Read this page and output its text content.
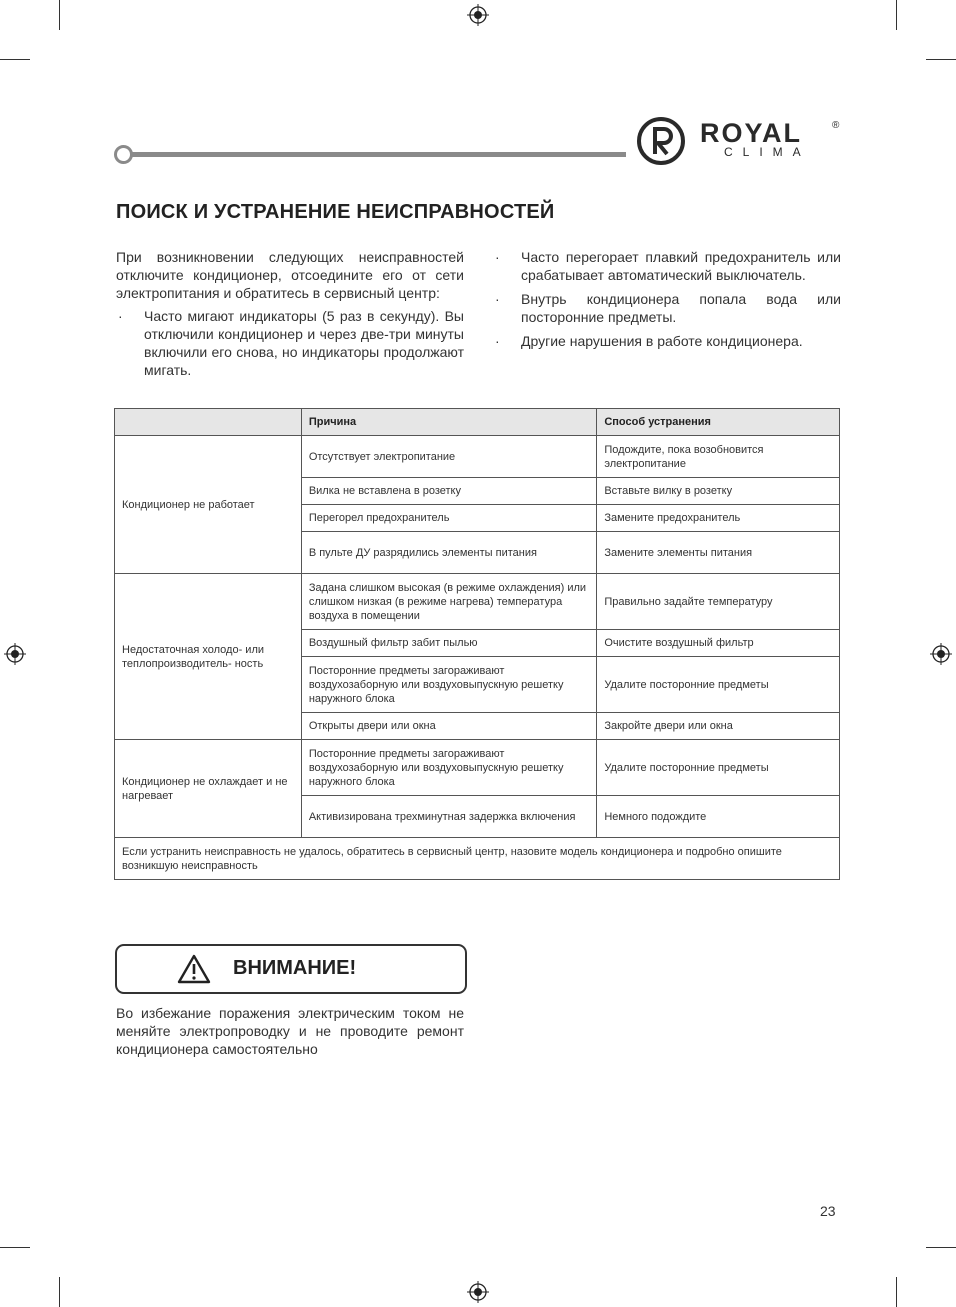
ROYAL	®
CLIMA
ПОИСК И УСТРАНЕНИЕ НЕИСПРАВНОСТЕЙ

При возникновении следующих неисправностей отключите кондиционер, отсоедините его от сети электропитания и обратитесь в сервисный центр:

· Часто мигают индикаторы (5 раз в секунду). Вы отключили кондиционер и через две-три минуты включили его снова, но индикаторы продолжают мигать.
· Часто перегорает плавкий предохранитель или срабатывает автоматический выключатель.
· Внутрь кондиционера попала вода или посторонние предметы.
· Другие нарушения в работе кондиционера.
	Причина	Способ устранения
Кондиционер не работает	Отсутствует электропитание	Подождите, пока возобновится электропитание
	Вилка не вставлена в розетку	Вставьте вилку в розетку
	Перегорел предохранитель	Замените предохранитель
	В пульте ДУ разрядились элементы питания	Замените элементы питания
Недостаточная холодо- или теплопроизводитель- ность	Задана слишком высокая (в режиме охлаждения) или слишком низкая (в режиме нагрева) температура воздуха в помещении	Правильно задайте температуру
	Воздушный фильтр забит пылью	Очистите воздушный фильтр
	Посторонние предметы загораживают воздухозаборную или воздуховыпускную решетку наружного блока	Удалите посторонние предметы
	Открыты двери или окна	Закройте двери или окна
Кондиционер не охлаждает и не нагревает	Посторонние предметы загораживают воздухозаборную или воздуховыпускную решетку наружного блока	Удалите посторонние предметы
	Активизирована трехминутная задержка включения	Немного подождите
Если устранить неисправность не удалось, обратитесь в сервисный центр, назовите модель кондиционера и подробно опишите возникшую неисправность		
ВНИМАНИЕ!
Во избежание поражения электрическим током не меняйте электропроводку и не проводите ремонт кондиционера самостоятельно
23
